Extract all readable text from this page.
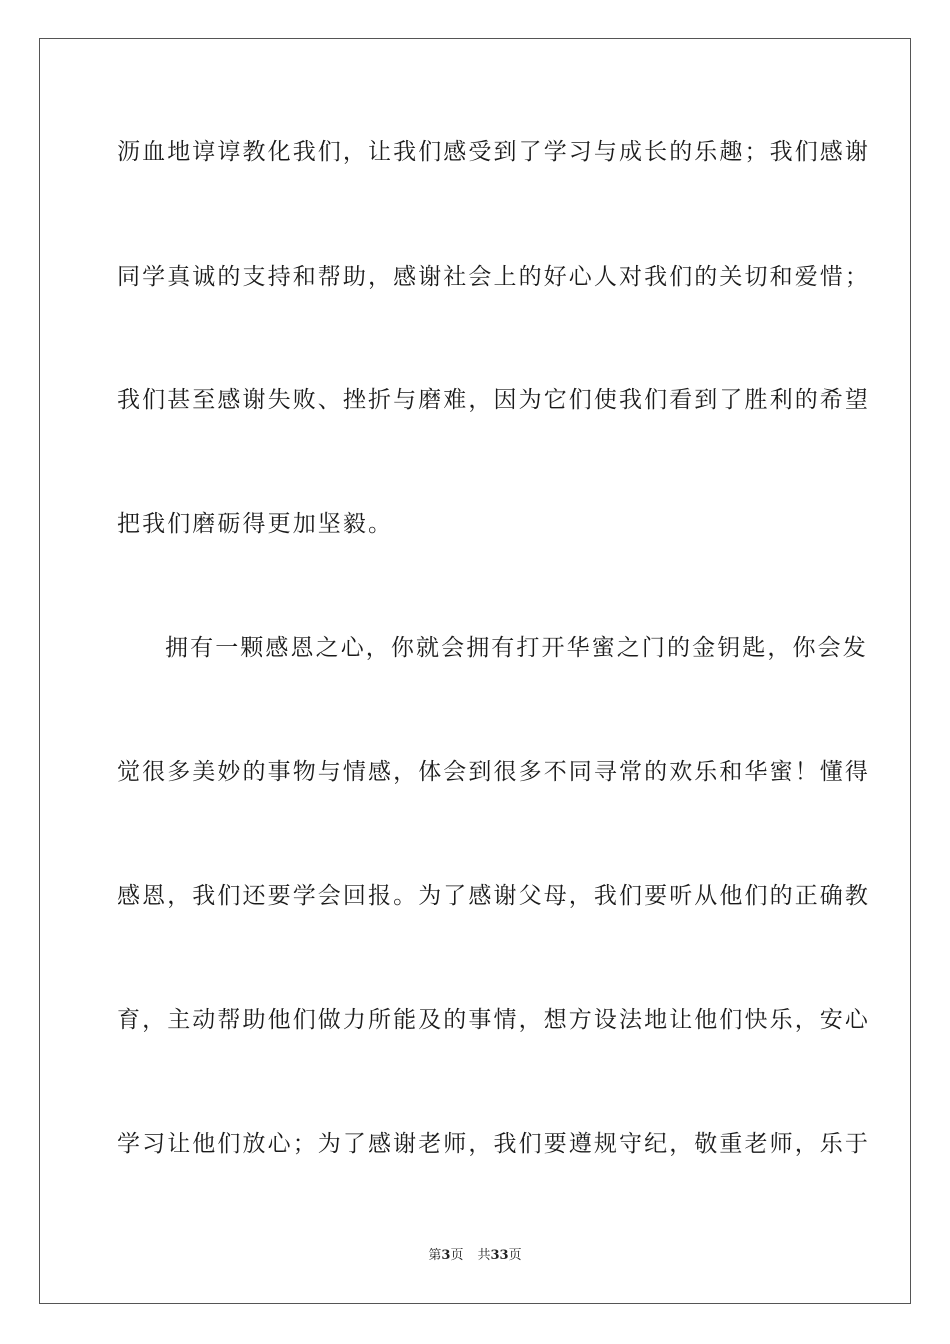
沥血地谆谆教化我们，让我们感受到了学习与成长的乐趣；我们感谢
同学真诚的支持和帮助，感谢社会上的好心人对我们的关切和爱惜；
我们甚至感谢失败、挫折与磨难，因为它们使我们看到了胜利的希望
把我们磨砺得更加坚毅。
拥有一颗感恩之心，你就会拥有打开华蜜之门的金钥匙，你会发
觉很多美妙的事物与情感，体会到很多不同寻常的欢乐和华蜜！懂得
感恩，我们还要学会回报。为了感谢父母，我们要听从他们的正确教
育，主动帮助他们做力所能及的事情，想方设法地让他们快乐，安心
学习让他们放心；为了感谢老师，我们要遵规守纪，敬重老师，乐于
第3页 共33页
